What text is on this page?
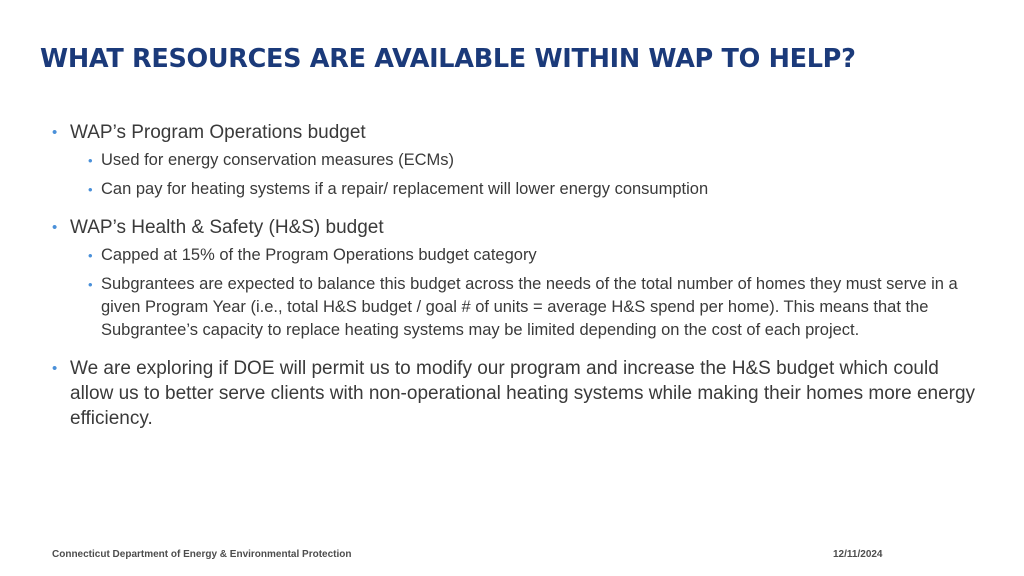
WHAT RESOURCES ARE AVAILABLE WITHIN WAP TO HELP?
• WAP’s Program Operations budget
• Used for energy conservation measures (ECMs)
• Can pay for heating systems if a repair/ replacement will lower energy consumption
• WAP’s Health & Safety (H&S) budget
• Capped at 15% of the Program Operations budget category
• Subgrantees are expected to balance this budget across the needs of the total number of homes they must serve in a given Program Year (i.e., total H&S budget / goal # of units = average H&S spend per home). This means that the Subgrantee’s capacity to replace heating systems may be limited depending on the cost of each project.
• We are exploring if DOE will permit us to modify our program and increase the H&S budget which could allow us to better serve clients with non-operational heating systems while making their homes more energy efficiency.
Connecticut Department of Energy & Environmental Protection	12/11/2024
